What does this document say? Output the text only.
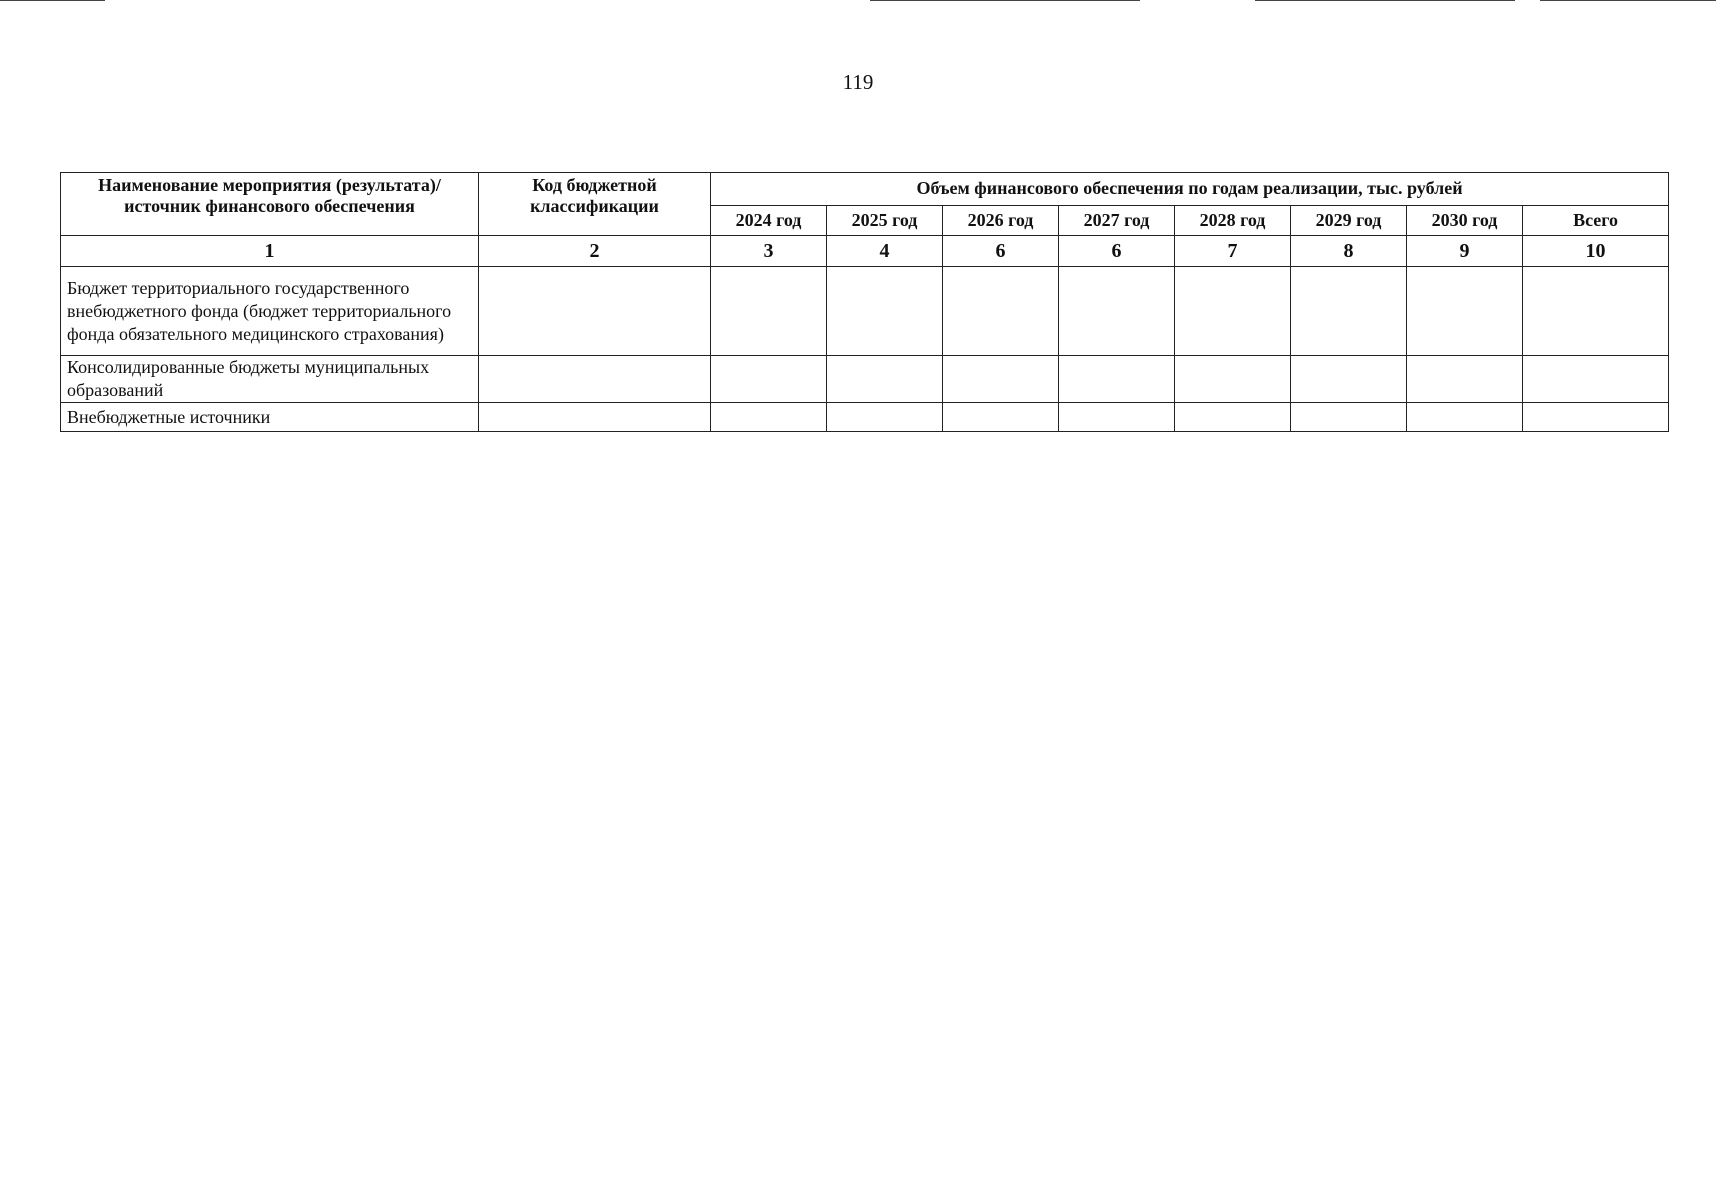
119
Наименование мероприятия (результата)/ источник финансового обеспечения	Код бюджетной классификации	Объем финансового обеспечения по годам реализации, тыс. рублей							
		2024 год	2025 год	2026 год	2027 год	2028 год	2029 год	2030 год	Всего
1	2	3	4	6	6	7	8	9	10
Бюджет территориального государственного внебюджетного фонда (бюджет территориального фонда обязательного медицинского страхования)									
Консолидированные бюджеты муниципальных образований									
Внебюджетные источники									
